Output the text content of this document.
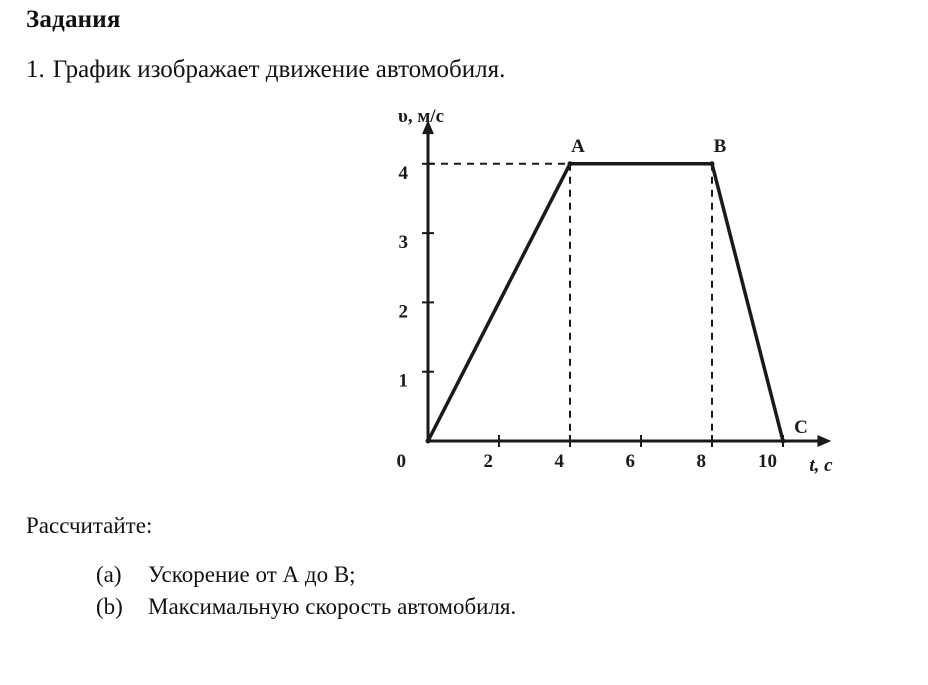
Задания
1. График изображает движение автомобиля.
0	2	4	6	8	10
1
2
3
4
υ, м/с
t, с
A	B
C
Рассчитайте:
(a) Ускорение от А до В;
(b) Максимальную скорость автомобиля.
